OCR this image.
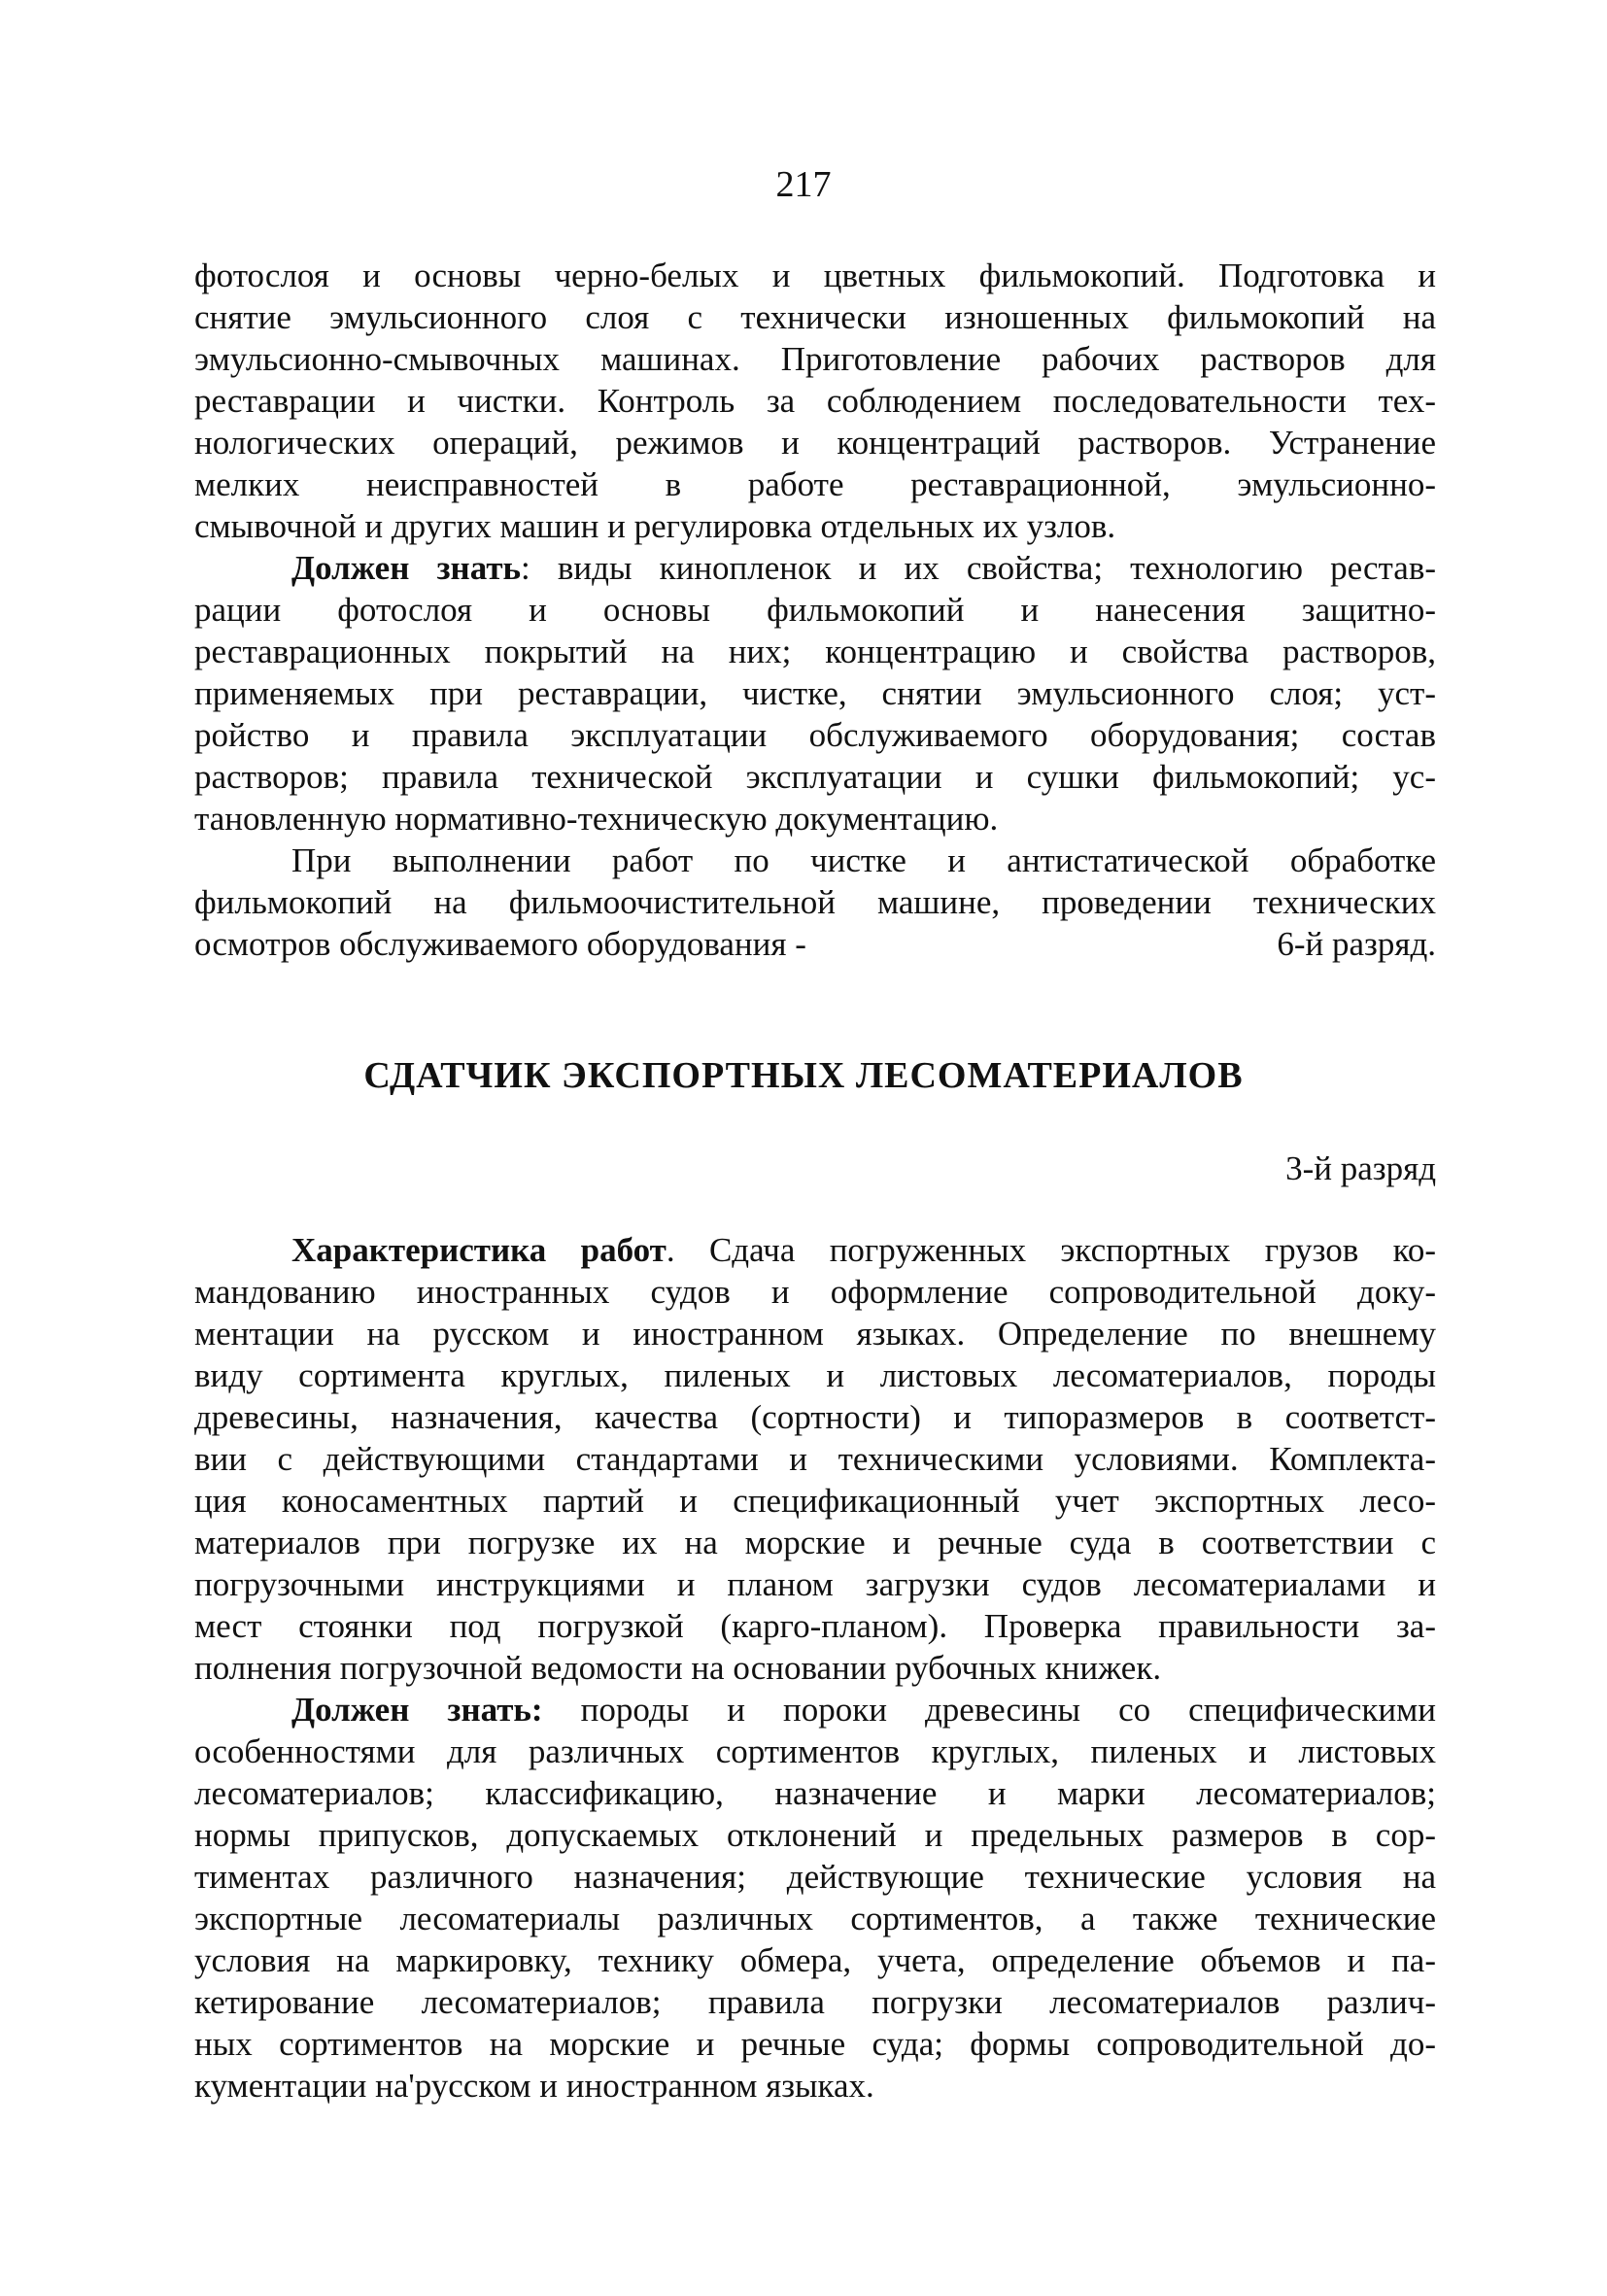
217
фотослоя и основы черно-белых и цветных фильмокопий. Подготовка и
снятие эмульсионного слоя с технически изношенных фильмокопий на
эмульсионно-смывочных машинах. Приготовление рабочих растворов для
реставрации и чистки. Контроль за соблюдением последовательности тех-
нологических операций, режимов и концентраций растворов. Устранение
мелких неисправностей в работе реставрационной, эмульсионно-
смывочной и других машин и регулировка отдельных их узлов.
Должен знать: виды кинопленок и их свойства; технологию рестав-
рации фотослоя и основы фильмокопий и нанесения защитно-
реставрационных покрытий на них; концентрацию и свойства растворов,
применяемых при реставрации, чистке, снятии эмульсионного слоя; уст-
ройство и правила эксплуатации обслуживаемого оборудования; состав
растворов; правила технической эксплуатации и сушки фильмокопий; ус-
тановленную нормативно-техническую документацию.
При выполнении работ по чистке и антистатической обработке
фильмокопий на фильмоочистительной машине, проведении технических
осмотров обслуживаемого оборудования -	6-й разряд.
СДАТЧИК ЭКСПОРТНЫХ ЛЕСОМАТЕРИАЛОВ
3-й разряд
Характеристика работ. Сдача погруженных экспортных грузов ко-
мандованию иностранных судов и оформление сопроводительной доку-
ментации на русском и иностранном языках. Определение по внешнему
виду сортимента круглых, пиленых и листовых лесоматериалов, породы
древесины, назначения, качества (сортности) и типоразмеров в соответст-
вии с действующими стандартами и техническими условиями. Комплекта-
ция коносаментных партий и спецификационный учет экспортных лесо-
материалов при погрузке их на морские и речные суда в соответствии с
погрузочными инструкциями и планом загрузки судов лесоматериалами и
мест стоянки под погрузкой (карго-планом). Проверка правильности за-
полнения погрузочной ведомости на основании рубочных книжек.
Должен знать: породы и пороки древесины со специфическими
особенностями для различных сортиментов круглых, пиленых и листовых
лесоматериалов; классификацию, назначение и марки лесоматериалов;
нормы припусков, допускаемых отклонений и предельных размеров в сор-
тиментах различного назначения; действующие технические условия на
экспортные лесоматериалы различных сортиментов, а также технические
условия на маркировку, технику обмера, учета, определение объемов и па-
кетирование лесоматериалов; правила погрузки лесоматериалов различ-
ных сортиментов на морские и речные суда; формы сопроводительной до-
кументации на'русском и иностранном языках.
